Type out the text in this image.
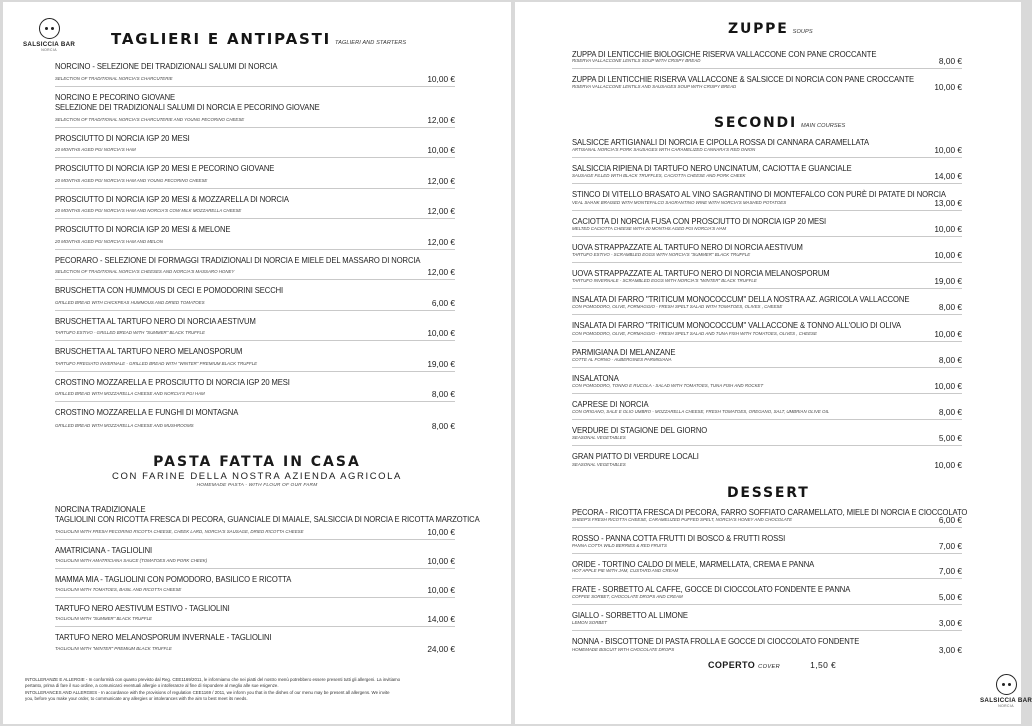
SALSICCIA BAR
NORCIA
TAGLIERI E ANTIPASTI TAGLIERI AND STARTERS
NORCINO - SELEZIONE DEI TRADIZIONALI SALUMI DI NORCIA
SELECTION OF TRADITIONAL NORCIA'S CHARCUTERIE	10,00 €
NORCINO E PECORINO GIOVANE
SELEZIONE DEI TRADIZIONALI SALUMI DI NORCIA E PECORINO GIOVANE
SELECTION OF TRADITIONAL NORCIA'S CHARCUTERIE AND YOUNG PECORINO CHEESE	12,00 €
PROSCIUTTO DI NORCIA IGP 20 MESI
20 MONTHS AGED PGI NORCIA'S HAM	10,00 €
PROSCIUTTO DI NORCIA IGP 20 MESI E PECORINO GIOVANE
20 MONTHS AGED PGI NORCIA'S HAM AND YOUNG PECORINO CHEESE	12,00 €
PROSCIUTTO DI NORCIA IGP 20 MESI & MOZZARELLA DI NORCIA
20 MONTHS AGED PGI NORCIA'S HAM AND NORCIA'S COW MILK MOZZARELLA CHEESE	12,00 €
PROSCIUTTO DI NORCIA IGP 20 MESI & MELONE
20 MONTHS AGED PGI NORCIA'S HAM AND MELON	12,00 €
PECORARO - SELEZIONE DI FORMAGGI TRADIZIONALI DI NORCIA E MIELE DEL MASSARO DI NORCIA
SELECTION OF TRADITIONAL NORCIA'S CHEESES AND NORCIA'S MASSARO HONEY	12,00 €
BRUSCHETTA CON HUMMOUS DI CECI E POMODORINI SECCHI
GRILLED BREAD WITH CHICKPEAS HUMMOUS AND DRIED TOMATOES	6,00 €
BRUSCHETTA AL TARTUFO NERO DI NORCIA AESTIVUM
TARTUFO ESTIVO - GRILLED BREAD WITH "SUMMER" BLACK TRUFFLE	10,00 €
BRUSCHETTA AL TARTUFO NERO MELANOSPORUM
TARTUFO PREGIATO INVERNALE - GRILLED BREAD WITH "WINTER" PREMIUM BLACK TRUFFLE	19,00 €
CROSTINO MOZZARELLA E PROSCIUTTO DI NORCIA IGP 20 MESI
GRILLED BREAD WITH MOZZARELLA CHEESE AND NORCIA'S PGI HAM	8,00 €
CROSTINO MOZZARELLA E FUNGHI DI MONTAGNA
GRILLED BREAD WITH MOZZARELLA CHEESE AND MUSHROOMS	8,00 €
PASTA FATTA IN CASA
CON FARINE DELLA NOSTRA AZIENDA AGRICOLA
HOMEMADE PASTA - WITH FLOUR OF OUR FARM
NORCINA TRADIZIONALE
TAGLIOLINI CON RICOTTA FRESCA DI PECORA, GUANCIALE DI MAIALE, SALSICCIA DI NORCIA E RICOTTA MARZOTICA
TAGLIOLINI WITH FRESH PECORINO RICOTTA CHEESE, CHEEK LARD, NORCIA'S SAUSAGE, DRIED RICOTTA CHEESE	10,00 €
AMATRICIANA - TAGLIOLINI
TAGLIOLINI WITH AMATRICIANA SAUCE (TOMATOES AND PORK CHEEK)	10,00 €
MAMMA MIA - TAGLIOLINI CON POMODORO, BASILICO E RICOTTA
TAGLIOLINI WITH TOMATOES, BASIL AND RICOTTA CHEESE	10,00 €
TARTUFO NERO AESTIVUM ESTIVO - TAGLIOLINI
TAGLIOLINI WITH "SUMMER" BLACK TRUFFLE	14,00 €
TARTUFO NERO MELANOSPORUM INVERNALE - TAGLIOLINI
TAGLIOLINI WITH "WINTER" PREMIUM BLACK TRUFFLE	24,00 €
INTOLLERANZE E ALLERGIE - In conformità con quanto previsto dal Reg. CEE1169/2011, le informiamo che nei piatti del nostro menù potrebbero essere presenti tutti gli allergeni. La invitiamo
pertanto, prima di fare il suo ordine, a comunicarci eventuali allergie o intolleranze al fine di rispondere al meglio alle sue esigenze.
INTOLLERANCES AND ALLERGIES - In accordance with the provisions of regulation CEE1169 / 2011, we inform you that in the dishes of our menu may be present all allergens. We invite
you, before you make your order, to communicate any allergies or intolerances with the aim to best meet its needs.
ZUPPE SOUPS
ZUPPA DI LENTICCHIE BIOLOGICHE RISERVA VALLACCONE CON PANE CROCCANTE
RISERVA VALLACCONE LENTILS SOUP WITH CRISPY BREAD	8,00 €
ZUPPA DI LENTICCHIE RISERVA VALLACCONE & SALSICCE DI NORCIA CON PANE CROCCANTE
RISERVA VALLACCONE LENTILS AND SAUSAGES SOUP WITH CRISPY BREAD	10,00 €
SECONDI MAIN COURSES
SALSICCE ARTIGIANALI DI NORCIA E CIPOLLA ROSSA DI CANNARA CARAMELLATA
ARTISANAL NORCIA'S PORK SAUSAGES WITH CARAMELIZED CANNARA'S RED ONION	10,00 €
SALSICCIA RIPIENA DI TARTUFO NERO UNCINATUM, CACIOTTA E GUANCIALE
SAUSAGE FILLED WITH BLACK TRUFFLES, CACIOTTA CHEESE AND PORK CHEEK	14,00 €
STINCO DI VITELLO BRASATO AL VINO SAGRANTINO DI MONTEFALCO CON PURÈ DI PATATE DI NORCIA
VEAL SHANK BRAISED WITH MONTEFALCO SAGRANTINO WINE WITH NORCIA'S MASHED POTATOES	13,00 €
CACIOTTA DI NORCIA FUSA CON PROSCIUTTO DI NORCIA IGP 20 MESI
MELTED CACIOTTA CHEESE WITH 20 MONTHS AGED PGI NORCIA'S HAM	10,00 €
UOVA STRAPPAZZATE AL TARTUFO NERO DI NORCIA AESTIVUM
TARTUFO ESTIVO - SCRAMBLED EGGS WITH NORCIA'S "SUMMER" BLACK TRUFFLE	10,00 €
UOVA STRAPPAZZATE AL TARTUFO NERO DI NORCIA MELANOSPORUM
TARTUFO INVERNALE - SCRAMBLED EGGS WITH NORCIA'S "WINTER" BLACK TRUFFLE	19,00 €
INSALATA DI FARRO "TRITICUM MONOCOCCUM" DELLA NOSTRA AZ. AGRICOLA VALLACCONE
CON POMODORO, OLIVE, FORMAGGIO - FRESH SPELT SALAD WITH TOMATOES, OLIVES , CHEESE	8,00 €
INSALATA DI FARRO "TRITICUM MONOCOCCUM" VALLACCONE & TONNO ALL'OLIO DI OLIVA
CON POMODORO, OLIVE, FORMAGGIO - FRESH SPELT SALAD AND TUNA FISH WITH TOMATOES, OLIVES , CHEESE	10,00 €
PARMIGIANA DI MELANZANE
COTTE AL FORNO - AUBERGINES PARMIGIANA	8,00 €
INSALATONA
CON POMODORO, TONNO E RUCOLA - SALAD WITH TOMATOES, TUNA FISH AND ROCKET	10,00 €
CAPRESE DI NORCIA
CON ORIGANO, SALE E OLIO UMBRO - MOZZARELLA CHEESE, FRESH TOMATOES, OREGANO, SALT, UMBRIAN OLIVE OIL	8,00 €
VERDURE DI STAGIONE DEL GIORNO
SEASONAL VEGETABLES	5,00 €
GRAN PIATTO DI VERDURE LOCALI
SEASONAL VEGETABLES	10,00 €
DESSERT
PECORA - RICOTTA FRESCA DI PECORA, FARRO SOFFIATO CARAMELLATO, MIELE DI NORCIA E CIOCCOLATO
SHEEP'S FRESH RICOTTA CHEESE, CARAMELIZED PUFFED SPELT, NORCIA'S HONEY AND CHOCOLATE	6,00 €
ROSSO - PANNA COTTA FRUTTI DI BOSCO & FRUTTI ROSSI
PANNA COTTA WILD BERRIES & RED FRUITS	7,00 €
ORIDE - TORTINO CALDO DI MELE, MARMELLATA, CREMA E PANNA
HOT APPLE PIE WITH JAM, CUSTARD AND CREAM	7,00 €
FRATE - SORBETTO AL CAFFE, GOCCE DI CIOCCOLATO FONDENTE E PANNA
COFFEE SORBET, CHOCOLATE DROPS AND CREAM	5,00 €
GIALLO - SORBETTO AL LIMONE
LEMON SORBET	3,00 €
NONNA - BISCOTTONE DI PASTA FROLLA E GOCCE DI CIOCCOLATO FONDENTE
HOMEMADE BISCUIT WITH CHOCOLATE DROPS	3,00 €
SALSICCIA BAR
NORCIA
COPERTO COVER	1,50 €
